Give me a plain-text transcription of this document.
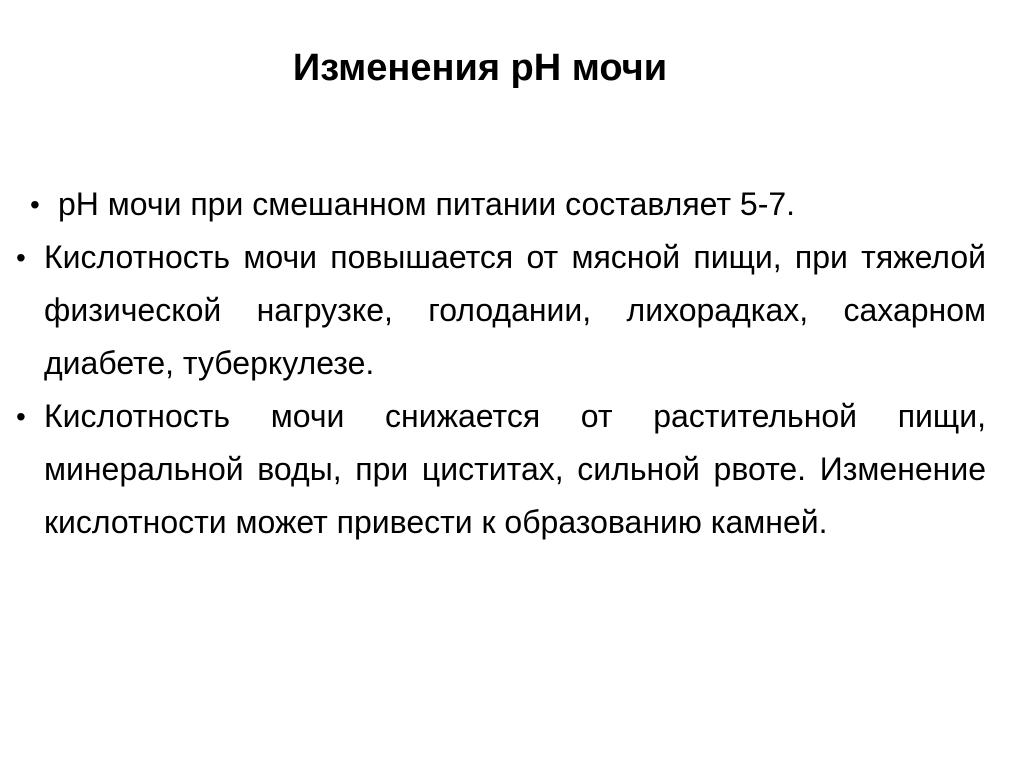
Изменения рН мочи
• рН мочи при смешанном питании составляет 5-7.
• Кислотность мочи повышается от мясной пищи, при тяжелой физической нагрузке, голодании, лихорадках, сахарном диабете, туберкулезе.
• Кислотность мочи снижается от растительной пищи, минеральной воды, при циститах, сильной рвоте. Изменение кислотности может привести к образованию камней.
